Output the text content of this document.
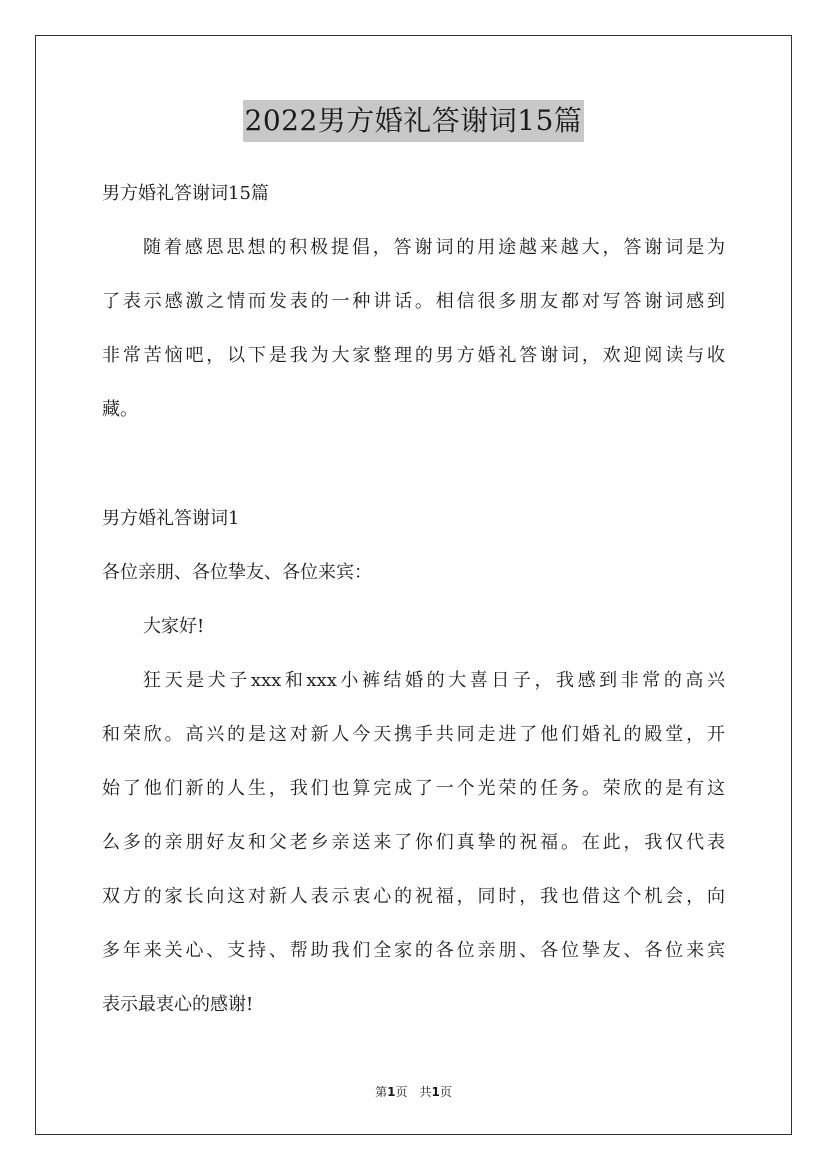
2022男方婚礼答谢词15篇
男方婚礼答谢词15篇
随着感恩思想的积极提倡，答谢词的用途越来越大，答谢词是为
了表示感激之情而发表的一种讲话。相信很多朋友都对写答谢词感到
非常苦恼吧，以下是我为大家整理的男方婚礼答谢词，欢迎阅读与收
藏。
男方婚礼答谢词1
各位亲朋、各位挚友、各位来宾：
大家好!
狂天是犬子xxx和xxx小裤结婚的大喜日子，我感到非常的高兴
和荣欣。高兴的是这对新人今天携手共同走进了他们婚礼的殿堂，开
始了他们新的人生，我们也算完成了一个光荣的任务。荣欣的是有这
么多的亲朋好友和父老乡亲送来了你们真挚的祝福。在此，我仅代表
双方的家长向这对新人表示衷心的祝福，同时，我也借这个机会，向
多年来关心、支持、帮助我们全家的各位亲朋、各位挚友、各位来宾
表示最衷心的感谢!
第1页　共1页
